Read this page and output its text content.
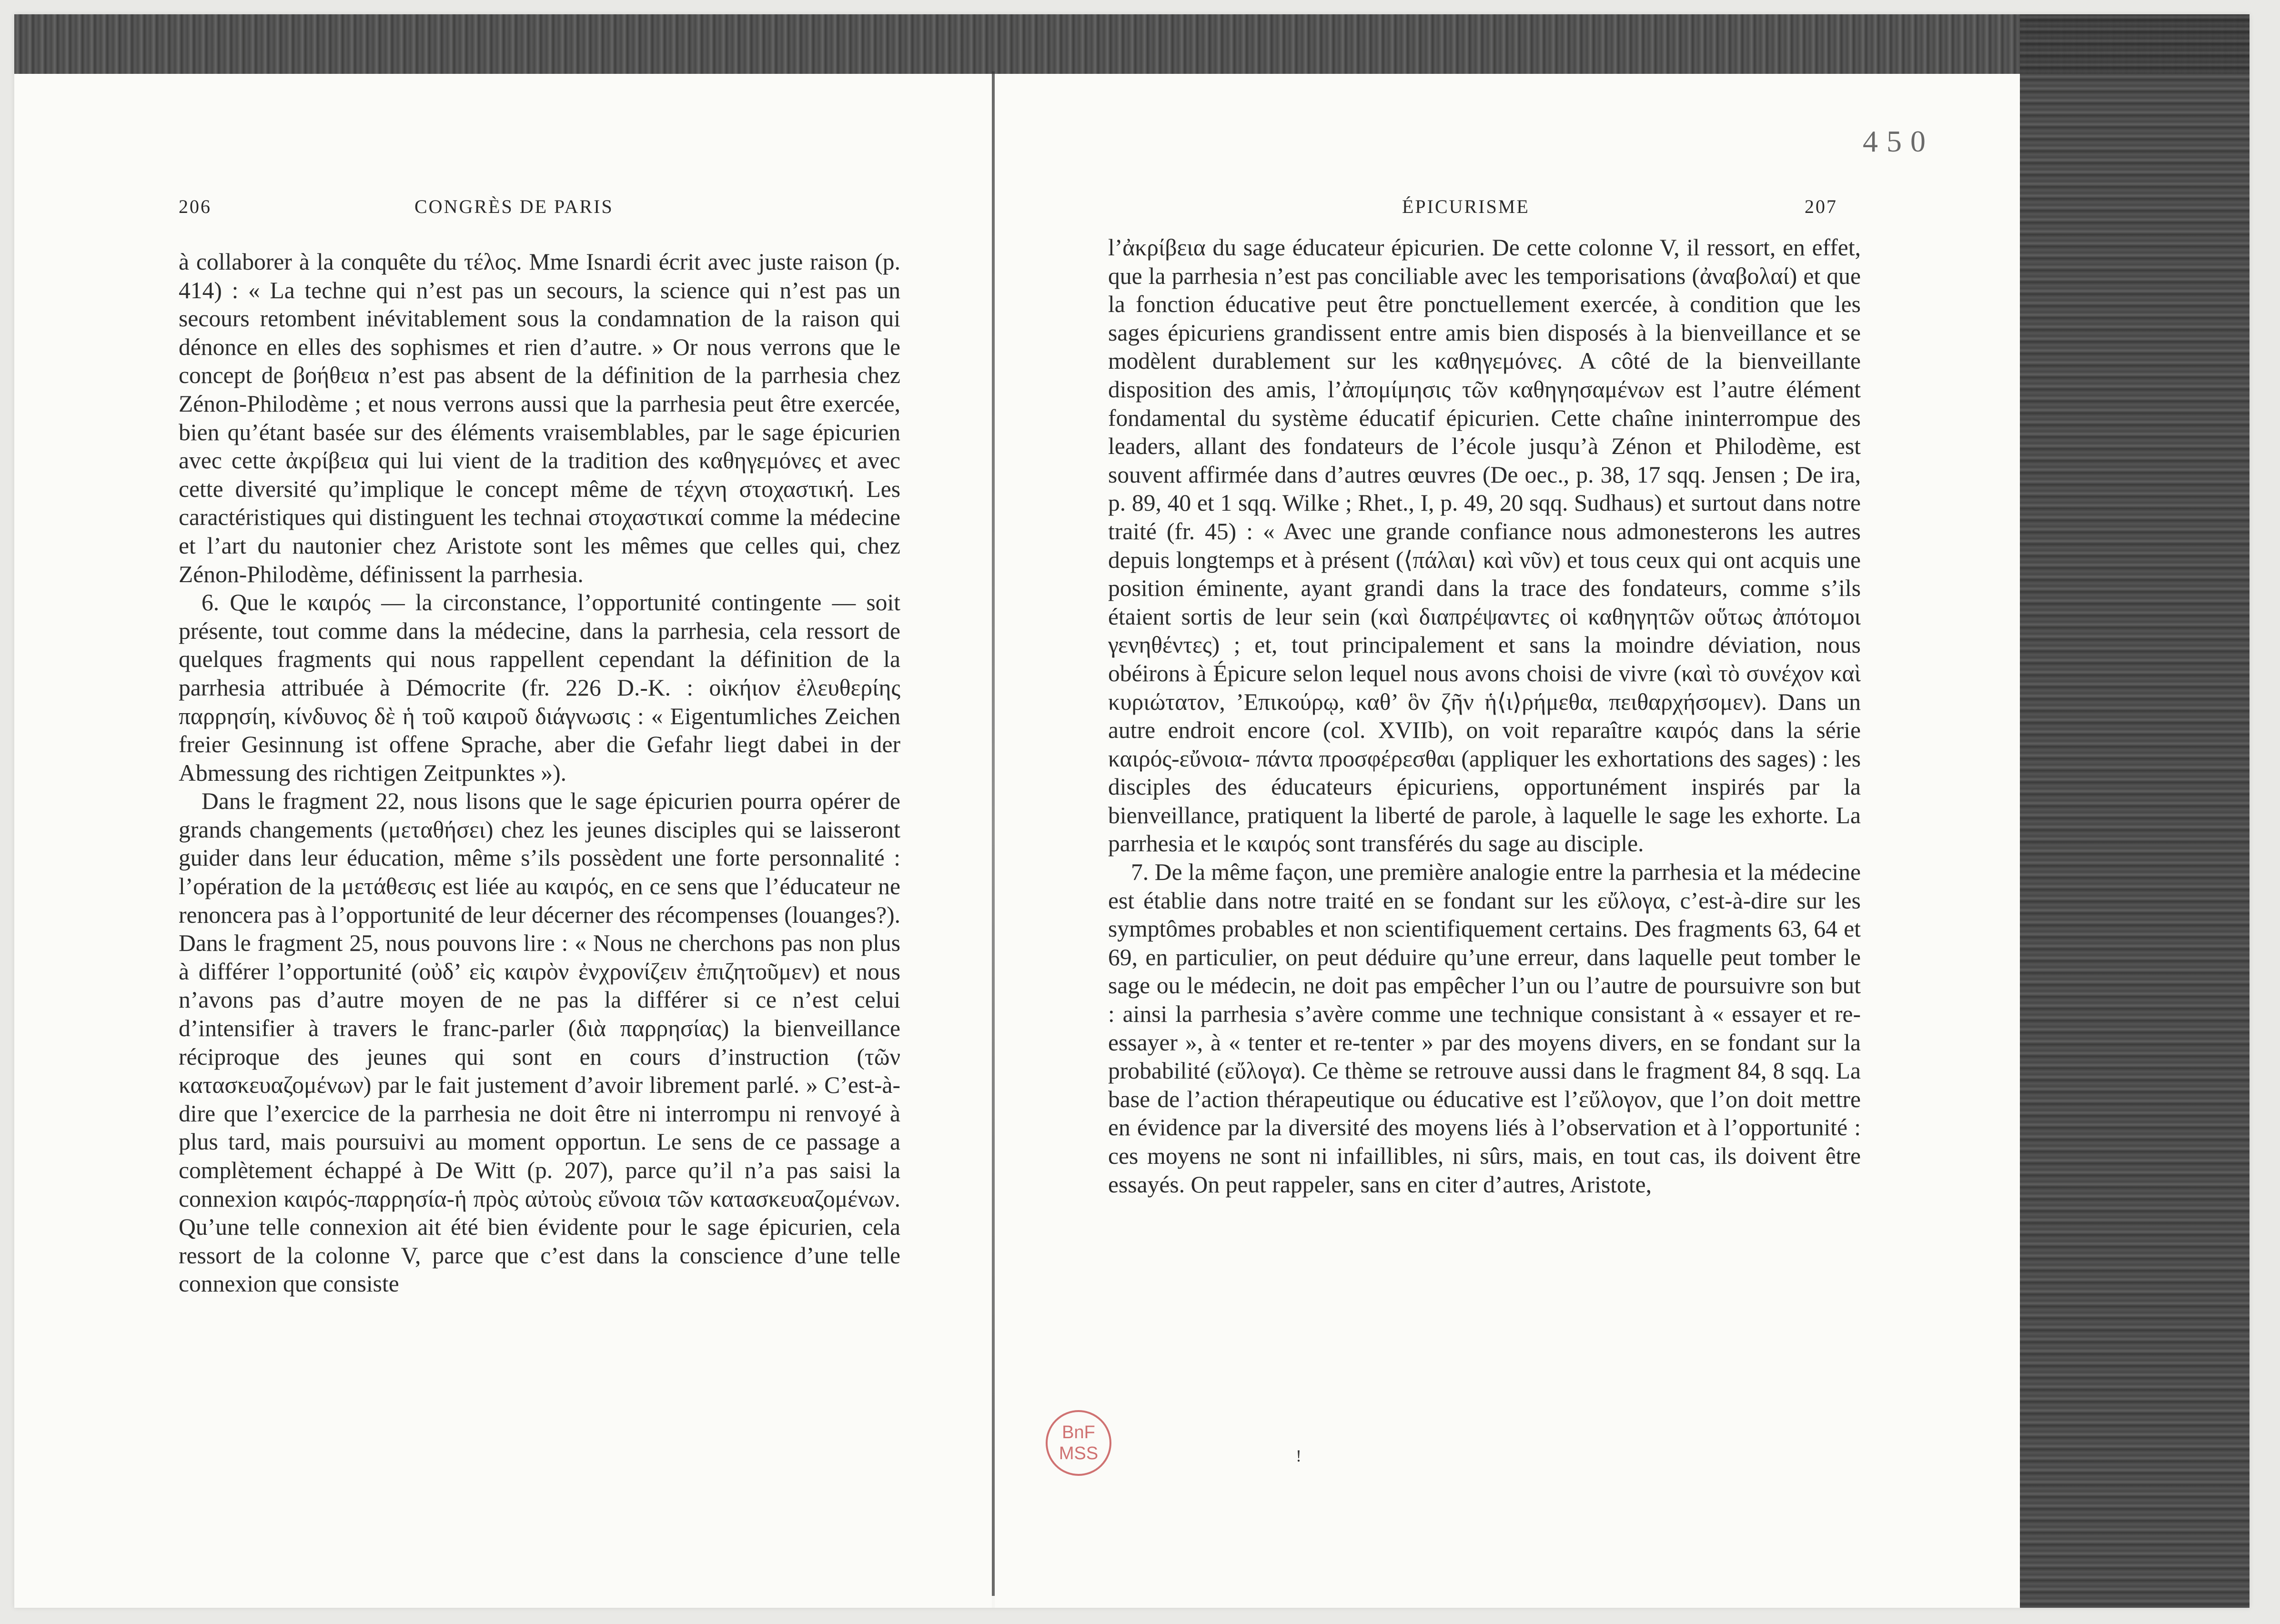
206	CONGRÈS DE PARIS

à collaborer à la conquête du τέλος. Mme Isnardi écrit avec juste raison (p. 414) : « La techne qui n’est pas un secours, la science qui n’est pas un secours retombent inévitablement sous la condamnation de la raison qui dénonce en elles des sophismes et rien d’autre. » Or nous verrons que le concept de βοήθεια n’est pas absent de la définition de la parrhesia chez Zénon-Philodème ; et nous verrons aussi que la parrhesia peut être exercée, bien qu’étant basée sur des éléments vraisemblables, par le sage épicurien avec cette ἀκρίβεια qui lui vient de la tradition des καθηγεμόνες et avec cette diversité qu’implique le concept même de τέχνη στοχαστική. Les caractéristiques qui distinguent les technai στοχαστικαί comme la médecine et l’art du nautonier chez Aristote sont les mêmes que celles qui, chez Zénon-Philodème, définissent la parrhesia.

6. Que le καιρός — la circonstance, l’opportunité contingente — soit présente, tout comme dans la médecine, dans la parrhesia, cela ressort de quelques fragments qui nous rappellent cependant la définition de la parrhesia attribuée à Démocrite (fr. 226 D.-K. : οἰκήιον ἐλευθερίης παρρησίη, κίνδυνος δὲ ἡ τοῦ καιροῦ διάγνωσις : « Eigentumliches Zeichen freier Gesinnung ist offene Sprache, aber die Gefahr liegt dabei in der Abmessung des richtigen Zeitpunktes »).

Dans le fragment 22, nous lisons que le sage épicurien pourra opérer de grands changements (μεταθήσει) chez les jeunes disciples qui se laisseront guider dans leur éducation, même s’ils possèdent une forte personnalité : l’opération de la μετάθεσις est liée au καιρός, en ce sens que l’éducateur ne renoncera pas à l’opportunité de leur décerner des récompenses (louanges?). Dans le fragment 25, nous pouvons lire : « Nous ne cherchons pas non plus à différer l’opportunité (οὐδ’ εἰς καιρὸν ἐνχρονίζειν ἐπιζητοῦμεν) et nous n’avons pas d’autre moyen de ne pas la différer si ce n’est celui d’intensifier à travers le franc-parler (διὰ παρρησίας) la bienveillance réciproque des jeunes qui sont en cours d’instruction (τῶν κατασκευαζομένων) par le fait justement d’avoir librement parlé. » C’est-à-dire que l’exercice de la parrhesia ne doit être ni interrompu ni renvoyé à plus tard, mais poursuivi au moment opportun. Le sens de ce passage a complètement échappé à De Witt (p. 207), parce qu’il n’a pas saisi la connexion καιρός-παρρησία-ἡ πρὸς αὐτοὺς εὔνοια τῶν κατασκευαζομένων. Qu’une telle connexion ait été bien évidente pour le sage épicurien, cela ressort de la colonne V, parce que c’est dans la conscience d’une telle connexion que consiste

ÉPICURISME	207

l’ἀκρίβεια du sage éducateur épicurien. De cette colonne V, il ressort, en effet, que la parrhesia n’est pas conciliable avec les temporisations (ἀναβολαί) et que la fonction éducative peut être ponctuellement exercée, à condition que les sages épicuriens grandissent entre amis bien disposés à la bienveillance et se modèlent durablement sur les καθηγεμόνες. A côté de la bienveillante disposition des amis, l’ἀπομίμησις τῶν καθηγησαμένων est l’autre élément fondamental du système éducatif épicurien. Cette chaîne ininterrompue des leaders, allant des fondateurs de l’école jusqu’à Zénon et Philodème, est souvent affirmée dans d’autres œuvres (De oec., p. 38, 17 sqq. Jensen ; De ira, p. 89, 40 et 1 sqq. Wilke ; Rhet., I, p. 49, 20 sqq. Sudhaus) et surtout dans notre traité (fr. 45) : « Avec une grande confiance nous admonesterons les autres depuis longtemps et à présent (⟨πάλαι⟩ καὶ νῦν) et tous ceux qui ont acquis une position éminente, ayant grandi dans la trace des fondateurs, comme s’ils étaient sortis de leur sein (καὶ διαπρέψαντες οἱ καθηγητῶν οὕτως ἀπότομοι γενηθέντες) ; et, tout principalement et sans la moindre déviation, nous obéirons à Épicure selon lequel nous avons choisi de vivre (καὶ τὸ συνέχον καὶ κυριώτατον, ’Επικούρῳ, καθ’ ὃν ζῆν ἡ⟨ι⟩ρήμεθα, πειθαρχήσομεν). Dans un autre endroit encore (col. XVIIb), on voit reparaître καιρός dans la série καιρός-εὔνοια- πάντα προσφέρεσθαι (appliquer les exhortations des sages) : les disciples des éducateurs épicuriens, opportunément inspirés par la bienveillance, pratiquent la liberté de parole, à laquelle le sage les exhorte. La parrhesia et le καιρός sont transférés du sage au disciple.

7. De la même façon, une première analogie entre la parrhesia et la médecine est établie dans notre traité en se fondant sur les εὔλογα, c’est-à-dire sur les symptômes probables et non scientifiquement certains. Des fragments 63, 64 et 69, en particulier, on peut déduire qu’une erreur, dans laquelle peut tomber le sage ou le médecin, ne doit pas empêcher l’un ou l’autre de poursuivre son but : ainsi la parrhesia s’avère comme une technique consistant à « essayer et re-essayer », à « tenter et re-tenter » par des moyens divers, en se fondant sur la probabilité (εὔλογα). Ce thème se retrouve aussi dans le fragment 84, 8 sqq. La base de l’action thérapeutique ou éducative est l’εὔλογον, que l’on doit mettre en évidence par la diversité des moyens liés à l’observation et à l’opportunité : ces moyens ne sont ni infaillibles, ni sûrs, mais, en tout cas, ils doivent être essayés. On peut rappeler, sans en citer d’autres, Aristote,

450
BnF
MSS	!
